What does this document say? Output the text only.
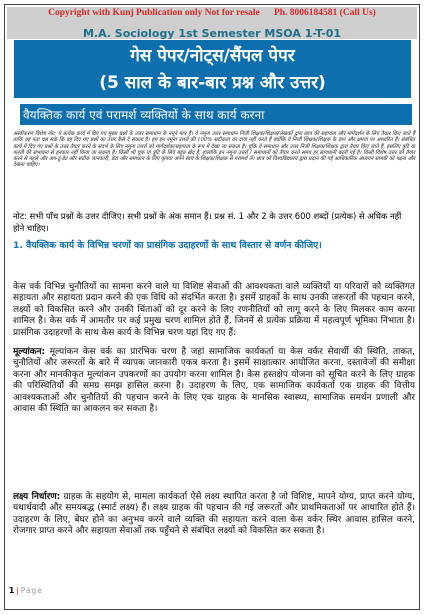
Copyright with Kunj Publication only Not for resale Ph. 8006184581 (Call Us)
M.A. Sociology 1st Semester MSOA 1-T-01
गेस पेपर/नोट्स/सैंपल पेपर
(5 साल के बार-बार प्रश्न और उत्तर)
वैयक्तिक कार्य एवं परामर्श व्यक्तियों के साथ कार्य करना

अस्वीकरण विशेष नोट: ये प्रत्येक कार्य में दिए गए मुख्य प्रश्नों के उत्तर समाधान के नमूने मात्र हैं। ये नमूना उत्तर समाधान निजी शिक्षक/शिक्षक/लेखकों द्वारा छात्र की सहायता और मार्गदर्शन के लिए तैयार किए जाते हैं ताकि यह पता चल सके कि वह दिए गए प्रश्नों का उत्तर कैसे दे सकता है। हम इन नमूना उत्तरों की 100% सटीकता का दावा नहीं करते हैं क्योंकि ये निजी शिक्षक/शिक्षक के ज्ञान और क्षमता पर आधारित हैं। संबंधित कार्य में दिए गए प्रश्नों के उत्तर तैयार करने के संदर्भ के लिए नमूना उत्तरों को मार्गदर्शक/सहायता के रूप में देखा जा सकता है। चूंकि ये समाधान और उत्तर निजी शिक्षक/शिक्षक द्वारा तैयार किए जाते हैं, इसलिए त्रुटि या गलती की संभावना से इनकार नहीं किया जा सकता है। किसी भी चूक या त्रुटि के लिए बहुत खेद है, हालांकि इन नमूना उत्तरों / समाधानों को तैयार करते समय हर सावधानी बरती गई है। किसी विशेष उत्तर को तैयार करने से पहले और अप-टू-डेट और सटीक जानकारी, डेटा और समाधान के लिए कृपया अपने स्वयं के शिक्षक/शिक्षक से परामर्श लें। छात्र को विश्वविद्यालय द्वारा प्रदान की गई आधिकारिक अध्ययन सामग्री को पढ़ना और देखना चाहिए।

नोट: सभी पाँच प्रश्नों के उत्तर दीजिए। सभी प्रश्नों के अंक समान हैं। प्रश्न सं. 1 और 2 के उत्तर 600 शब्दों (प्रत्येक) से अधिक नहीं होने चाहिए।

1. वैयक्तिक कार्य के विभिन्न चरणों का प्रासंगिक उदाहरणों के साथ विस्तार से वर्णन कीजिए।

केस वर्क विभिन्न चुनौतियों का सामना करने वाले या विशिष्ट सेवाओं की आवश्यकता वाले व्यक्तियों या परिवारों को व्यक्तिगत सहायता और सहायता प्रदान करने की एक विधि को संदर्भित करता है। इसमें ग्राहकों के साथ उनकी जरूरतों की पहचान करने, लक्ष्यों को विकसित करने और उनकी चिंताओं को दूर करने के लिए रणनीतियों को लागू करने के लिए मिलकर काम करना शामिल है। केस वर्क में आमतौर पर कई प्रमुख चरण शामिल होते हैं, जिनमें से प्रत्येक प्रक्रिया में महत्वपूर्ण भूमिका निभाता है। प्रासंगिक उदाहरणों के साथ केस कार्य के विभिन्न चरण यहां दिए गए हैं:

मूल्यांकन: मूल्यांकन केस वर्क का प्रारंभिक चरण है जहां सामाजिक कार्यकर्ता या केस वर्कर सेवार्थी की स्थिति, ताकत, चुनौतियों और जरूरतों के बारे में व्यापक जानकारी एकत्र करता है। इसमें साक्षात्कार आयोजित करना, दस्तावेजों की समीक्षा करना और मानकीकृत मूल्यांकन उपकरणों का उपयोग करना शामिल है। केस हस्तक्षेप योजना को सूचित करने के लिए ग्राहक की परिस्थितियों की समग्र समझ हासिल करना है। उदाहरण के लिए, एक सामाजिक कार्यकर्ता एक ग्राहक की वित्तीय आवश्यकताओं और चुनौतियों की पहचान करने के लिए एक ग्राहक के मानसिक स्वास्थ्य, सामाजिक समर्थन प्रणाली और आवास की स्थिति का आकलन कर सकता है।

लक्ष्य निर्धारण: ग्राहक के सहयोग से, मामला कार्यकर्ता ऐसे लक्ष्य स्थापित करता है जो विशिष्ट, मापने योग्य, प्राप्त करने योग्य, यथार्थवादी और समयबद्ध (स्मार्ट लक्ष्य) हैं। लक्ष्य ग्राहक की पहचान की गई जरूरतों और प्राथमिकताओं पर आधारित होते हैं। उदाहरण के लिए, बेघर होने का अनुभव करने वाले व्यक्ति की सहायता करने वाला केस वर्कर स्थिर आवास हासिल करने, रोजगार प्राप्त करने और सहायता सेवाओं तक पहुँचने से संबंधित लक्ष्यों को विकसित कर सकता है।

1 | Page
